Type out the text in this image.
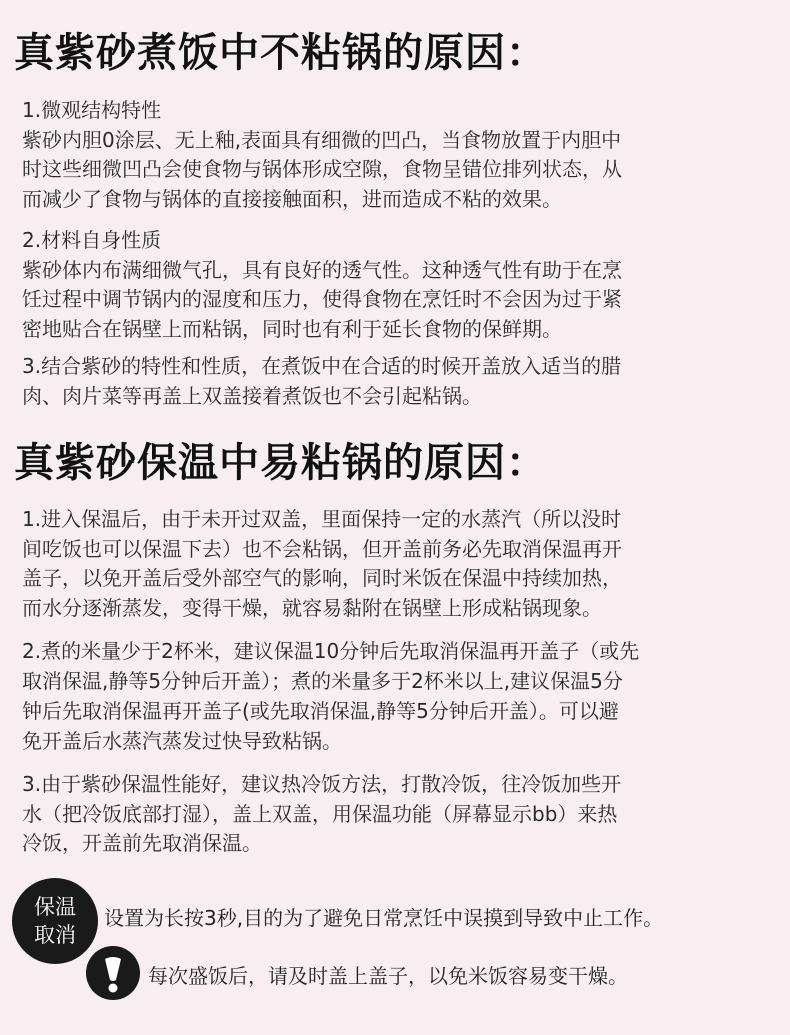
真紫砂煮饭中不粘锅的原因：

1.微观结构特性
紫砂内胆0涂层、无上釉,表面具有细微的凹凸，当食物放置于内胆中
时这些细微凹凸会使食物与锅体形成空隙，食物呈错位排列状态，从
而减少了食物与锅体的直接接触面积，进而造成不粘的效果。

2.材料自身性质
紫砂体内布满细微气孔，具有良好的透气性。这种透气性有助于在烹
饪过程中调节锅内的湿度和压力，使得食物在烹饪时不会因为过于紧
密地贴合在锅壁上而粘锅，同时也有利于延长食物的保鲜期。

3.结合紫砂的特性和性质，在煮饭中在合适的时候开盖放入适当的腊
肉、肉片菜等再盖上双盖接着煮饭也不会引起粘锅。

真紫砂保温中易粘锅的原因：

1.进入保温后，由于未开过双盖，里面保持一定的水蒸汽（所以没时
间吃饭也可以保温下去）也不会粘锅，但开盖前务必先取消保温再开
盖子，以免开盖后受外部空气的影响，同时米饭在保温中持续加热，
而水分逐渐蒸发，变得干燥，就容易黏附在锅壁上形成粘锅现象。

2.煮的米量少于2杯米，建议保温10分钟后先取消保温再开盖子（或先
取消保温,静等5分钟后开盖）；煮的米量多于2杯米以上,建议保温5分
钟后先取消保温再开盖子(或先取消保温,静等5分钟后开盖）。可以避
免开盖后水蒸汽蒸发过快导致粘锅。

3.由于紫砂保温性能好，建议热冷饭方法，打散冷饭，往冷饭加些开
水（把冷饭底部打湿），盖上双盖，用保温功能（屏幕显示bb）来热
冷饭，开盖前先取消保温。

保温
取消

设置为长按3秒,目的为了避免日常烹饪中误摸到导致中止工作。

每次盛饭后，请及时盖上盖子，以免米饭容易变干燥。
